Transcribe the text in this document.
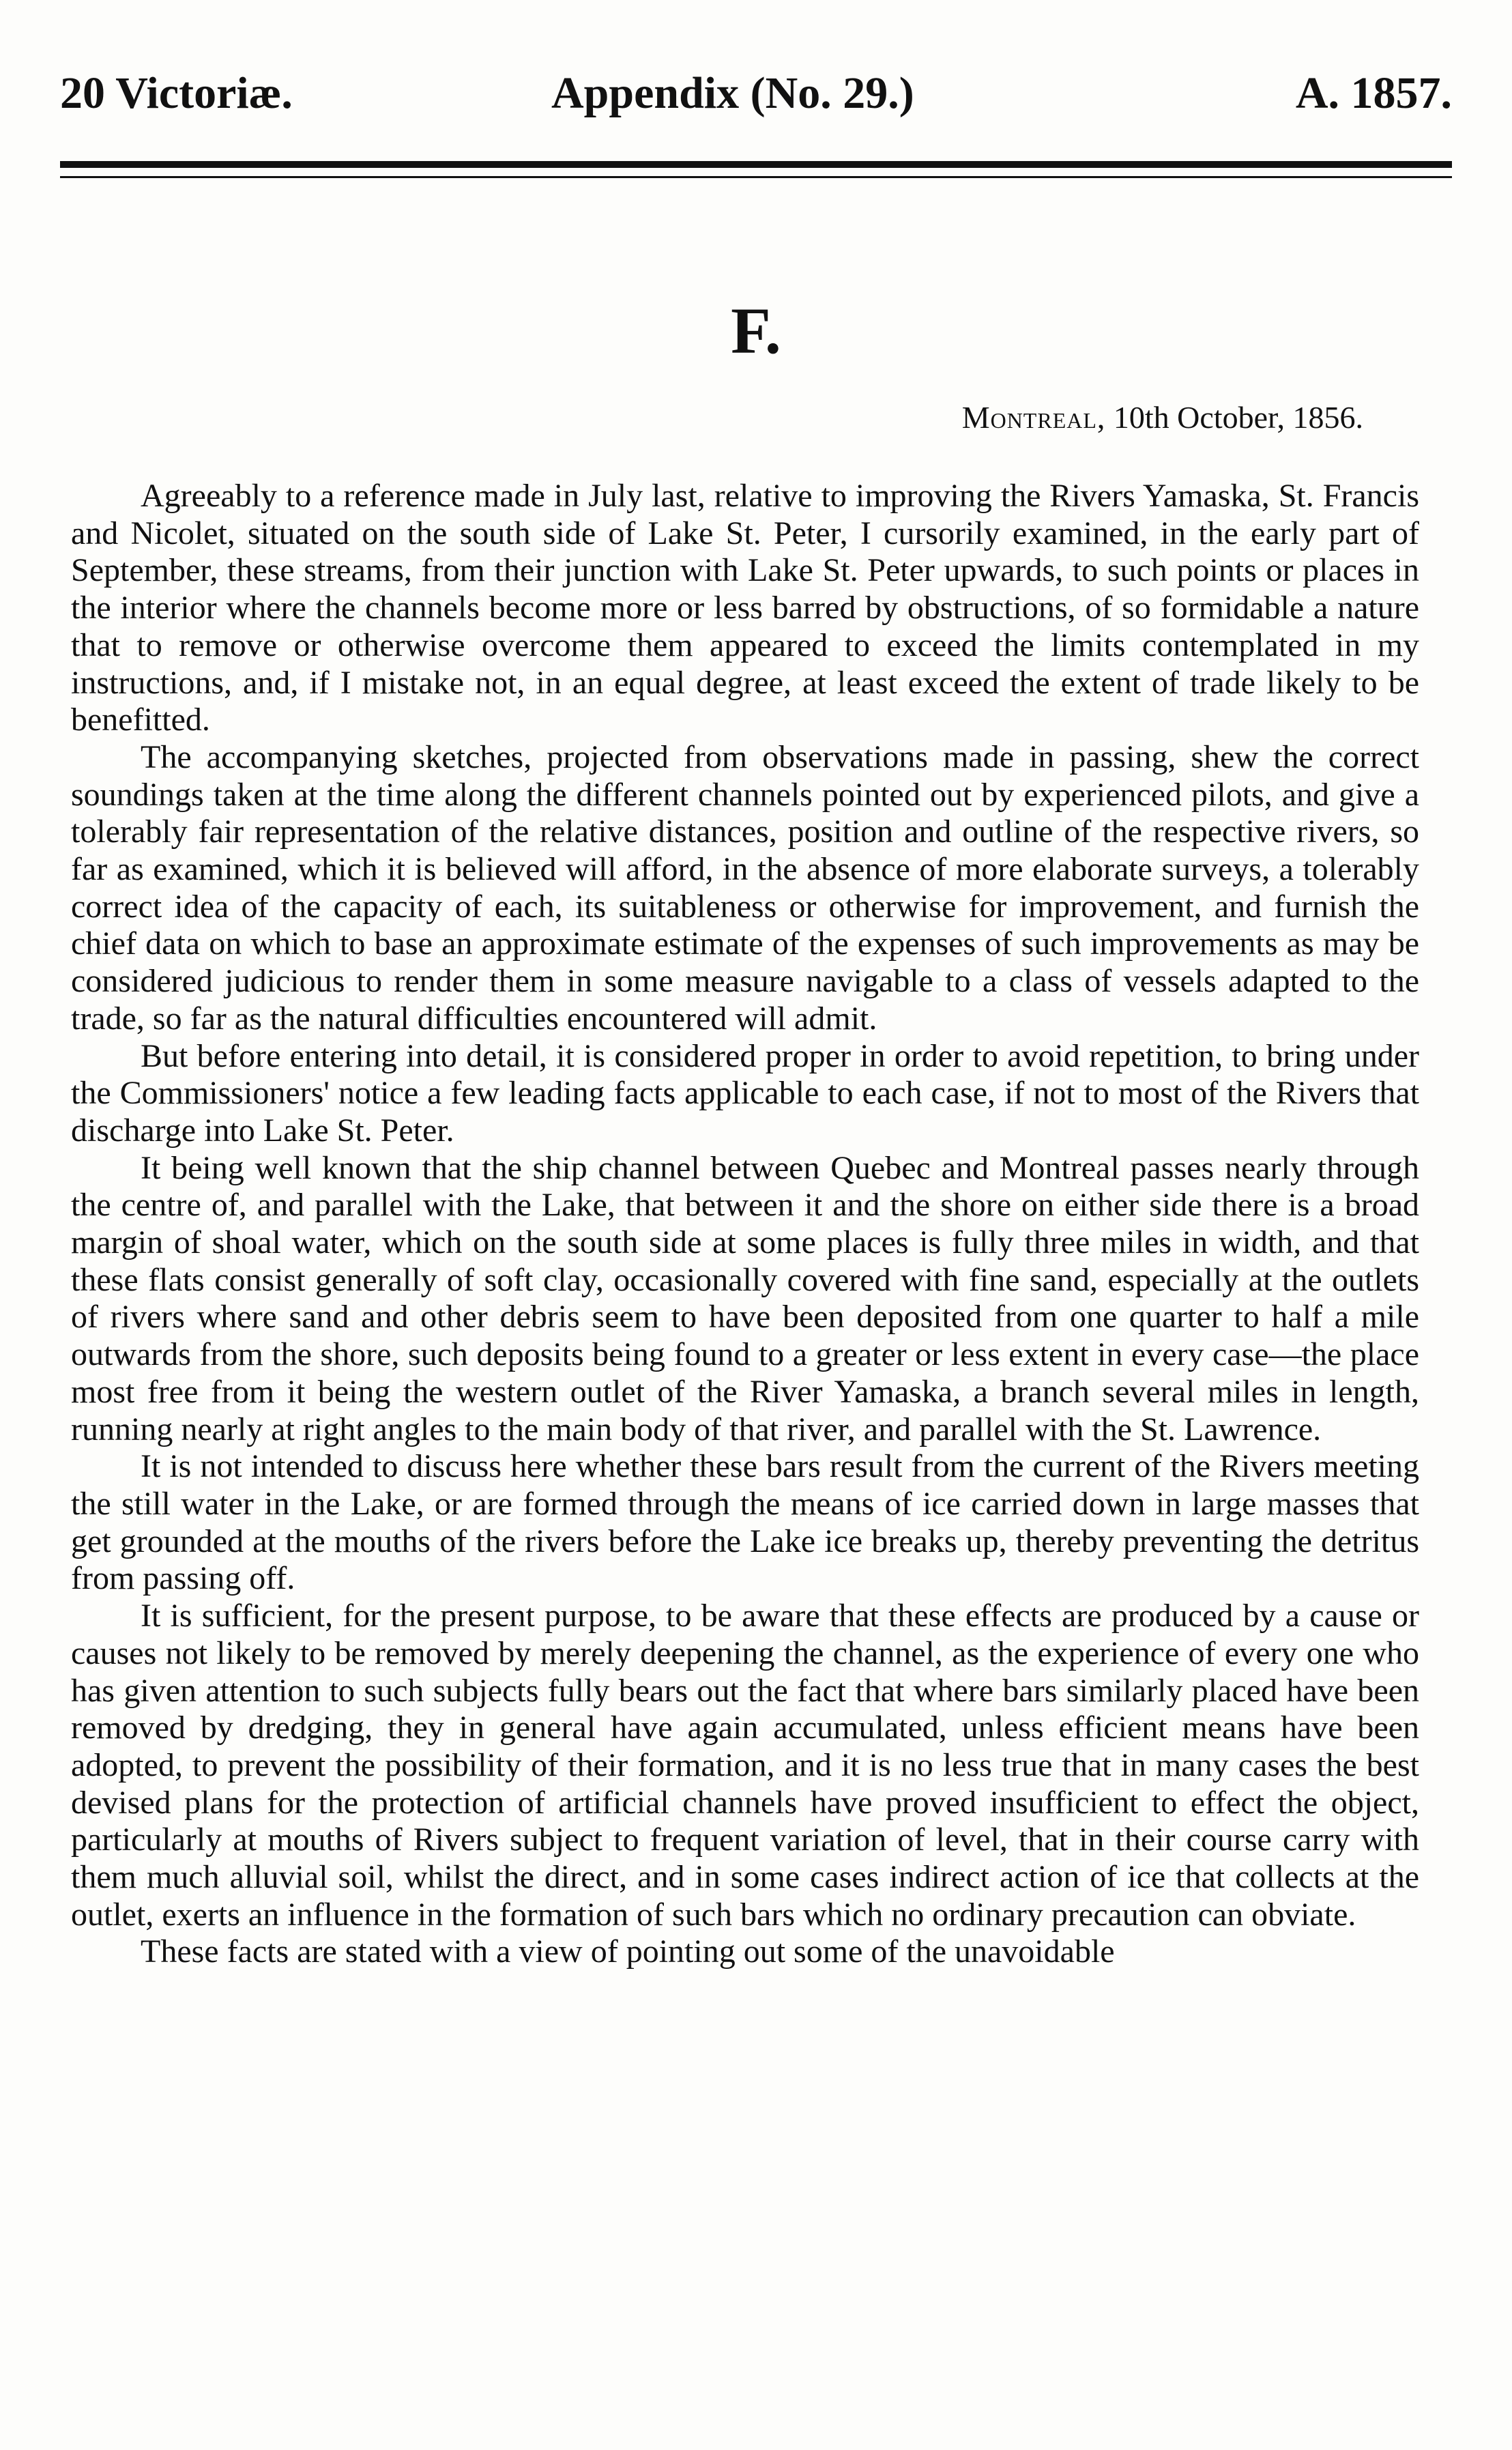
20 Victoriæ.	Appendix (No. 29.)	A. 1857.
F.
Montreal, 10th October, 1856.

Agreeably to a reference made in July last, relative to improving the Rivers Yamaska, St. Francis and Nicolet, situated on the south side of Lake St. Peter, I cursorily examined, in the early part of September, these streams, from their junction with Lake St. Peter upwards, to such points or places in the interior where the channels become more or less barred by obstructions, of so formidable a nature that to remove or otherwise overcome them appeared to exceed the limits contemplated in my instructions, and, if I mistake not, in an equal degree, at least exceed the extent of trade likely to be benefitted.

The accompanying sketches, projected from observations made in passing, shew the correct soundings taken at the time along the different channels pointed out by experienced pilots, and give a tolerably fair representation of the relative distances, position and outline of the respective rivers, so far as examined, which it is believed will afford, in the absence of more elaborate surveys, a tolerably correct idea of the capacity of each, its suitableness or otherwise for improvement, and furnish the chief data on which to base an approximate estimate of the expenses of such improvements as may be considered judicious to render them in some measure navigable to a class of vessels adapted to the trade, so far as the natural difficulties encountered will admit.

But before entering into detail, it is considered proper in order to avoid repetition, to bring under the Commissioners' notice a few leading facts applicable to each case, if not to most of the Rivers that discharge into Lake St. Peter.

It being well known that the ship channel between Quebec and Montreal passes nearly through the centre of, and parallel with the Lake, that between it and the shore on either side there is a broad margin of shoal water, which on the south side at some places is fully three miles in width, and that these flats consist generally of soft clay, occasionally covered with fine sand, especially at the outlets of rivers where sand and other debris seem to have been deposited from one quarter to half a mile outwards from the shore, such deposits being found to a greater or less extent in every case—the place most free from it being the western outlet of the River Yamaska, a branch several miles in length, running nearly at right angles to the main body of that river, and parallel with the St. Lawrence.

It is not intended to discuss here whether these bars result from the current of the Rivers meeting the still water in the Lake, or are formed through the means of ice carried down in large masses that get grounded at the mouths of the rivers before the Lake ice breaks up, thereby preventing the detritus from passing off.

It is sufficient, for the present purpose, to be aware that these effects are produced by a cause or causes not likely to be removed by merely deepening the channel, as the experience of every one who has given attention to such subjects fully bears out the fact that where bars similarly placed have been removed by dredging, they in general have again accumulated, unless efficient means have been adopted, to prevent the possibility of their formation, and it is no less true that in many cases the best devised plans for the protection of artificial channels have proved insufficient to effect the object, particularly at mouths of Rivers subject to frequent variation of level, that in their course carry with them much alluvial soil, whilst the direct, and in some cases indirect action of ice that collects at the outlet, exerts an influence in the formation of such bars which no ordinary precaution can obviate.

These facts are stated with a view of pointing out some of the unavoidable
